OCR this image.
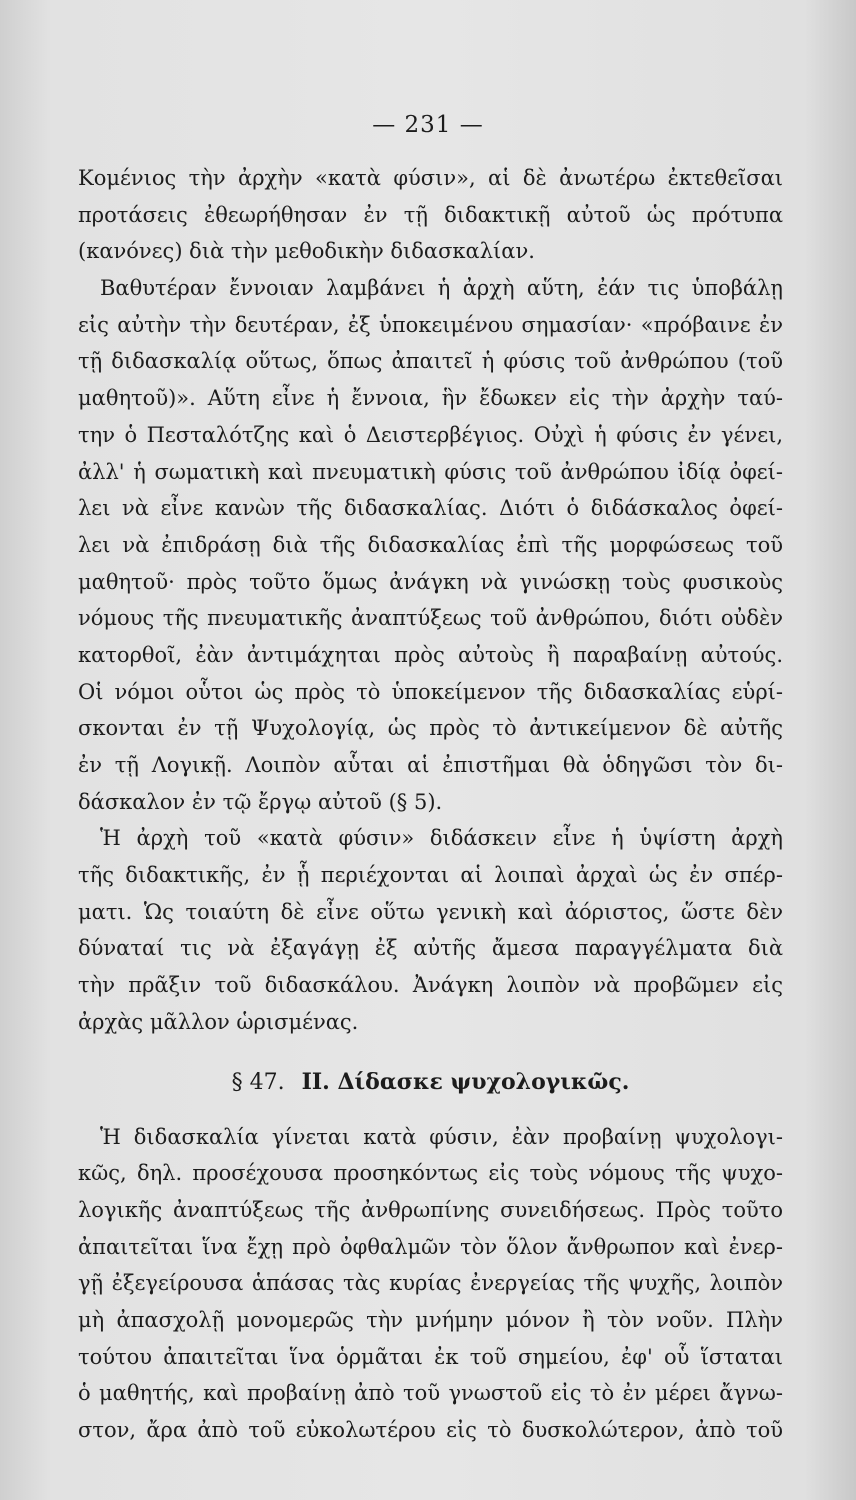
— 231 —
Κομένιος τὴν ἀρχὴν «κατὰ φύσιν», αἱ δὲ ἀνωτέρω ἐκτεθεῖσαι
προτάσεις ἐθεωρήθησαν ἐν τῇ διδακτικῇ αὐτοῦ ὡς πρότυπα
(κανόνες) διὰ τὴν μεθοδικὴν διδασκαλίαν.
Βαθυτέραν ἔννοιαν λαμβάνει ἡ ἀρχὴ αὕτη, ἐάν τις ὑποβάλῃ
εἰς αὐτὴν τὴν δευτέραν, ἐξ ὑποκειμένου σημασίαν· «πρόβαινε ἐν
τῇ διδασκαλίᾳ οὕτως, ὅπως ἀπαιτεῖ ἡ φύσις τοῦ ἀνθρώπου (τοῦ
μαθητοῦ)». Αὕτη εἶνε ἡ ἔννοια, ἣν ἔδωκεν εἰς τὴν ἀρχὴν ταύ-
την ὁ Πεσταλότζης καὶ ὁ Δειστερβέγιος. Οὐχὶ ἡ φύσις ἐν γένει,
ἀλλ' ἡ σωματικὴ καὶ πνευματικὴ φύσις τοῦ ἀνθρώπου ἰδίᾳ ὀφεί-
λει νὰ εἶνε κανὼν τῆς διδασκαλίας. Διότι ὁ διδάσκαλος ὀφεί-
λει νὰ ἐπιδράσῃ διὰ τῆς διδασκαλίας ἐπὶ τῆς μορφώσεως τοῦ
μαθητοῦ· πρὸς τοῦτο ὅμως ἀνάγκη νὰ γινώσκῃ τοὺς φυσικοὺς
νόμους τῆς πνευματικῆς ἀναπτύξεως τοῦ ἀνθρώπου, διότι οὐδὲν
κατορθοῖ, ἐὰν ἀντιμάχηται πρὸς αὐτοὺς ἢ παραβαίνῃ αὐτούς.
Οἱ νόμοι οὗτοι ὡς πρὸς τὸ ὑποκείμενον τῆς διδασκαλίας εὑρί-
σκονται ἐν τῇ Ψυχολογίᾳ, ὡς πρὸς τὸ ἀντικείμενον δὲ αὐτῆς
ἐν τῇ Λογικῇ. Λοιπὸν αὗται αἱ ἐπιστῆμαι θὰ ὁδηγῶσι τὸν δι-
δάσκαλον ἐν τῷ ἔργῳ αὐτοῦ (§ 5).
Ἡ ἀρχὴ τοῦ «κατὰ φύσιν» διδάσκειν εἶνε ἡ ὑψίστη ἀρχὴ
τῆς διδακτικῆς, ἐν ᾗ περιέχονται αἱ λοιπαὶ ἀρχαὶ ὡς ἐν σπέρ-
ματι. Ὡς τοιαύτη δὲ εἶνε οὕτω γενικὴ καὶ ἀόριστος, ὥστε δὲν
δύναταί τις νὰ ἐξαγάγῃ ἐξ αὐτῆς ἄμεσα παραγγέλματα διὰ
τὴν πρᾶξιν τοῦ διδασκάλου. Ἀνάγκη λοιπὸν νὰ προβῶμεν εἰς
ἀρχὰς μᾶλλον ὡρισμένας.
§ 47. ΙΙ. Δίδασκε ψυχολογικῶς.
Ἡ διδασκαλία γίνεται κατὰ φύσιν, ἐὰν προβαίνῃ ψυχολογι-
κῶς, δηλ. προσέχουσα προσηκόντως εἰς τοὺς νόμους τῆς ψυχο-
λογικῆς ἀναπτύξεως τῆς ἀνθρωπίνης συνειδήσεως. Πρὸς τοῦτο
ἀπαιτεῖται ἵνα ἔχῃ πρὸ ὀφθαλμῶν τὸν ὅλον ἄνθρωπον καὶ ἐνερ-
γῇ ἐξεγείρουσα ἁπάσας τὰς κυρίας ἐνεργείας τῆς ψυχῆς, λοιπὸν
μὴ ἀπασχολῇ μονομερῶς τὴν μνήμην μόνον ἢ τὸν νοῦν. Πλὴν
τούτου ἀπαιτεῖται ἵνα ὁρμᾶται ἐκ τοῦ σημείου, ἐφ' οὗ ἵσταται
ὁ μαθητής, καὶ προβαίνῃ ἀπὸ τοῦ γνωστοῦ εἰς τὸ ἐν μέρει ἄγνω-
στον, ἄρα ἀπὸ τοῦ εὐκολωτέρου εἰς τὸ δυσκολώτερον, ἀπὸ τοῦ
